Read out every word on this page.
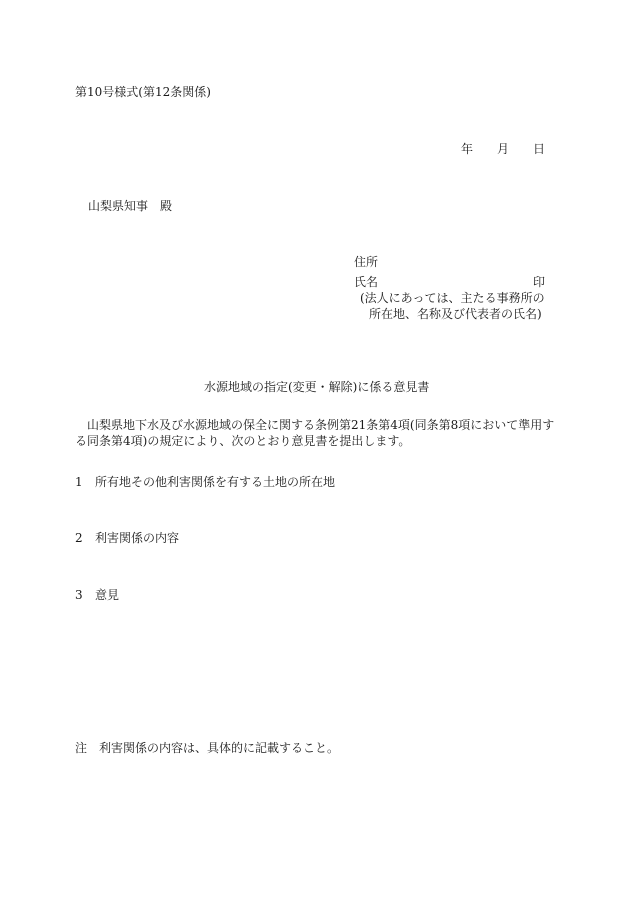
第10号様式(第12条関係)
年 月 日
山梨県知事　殿
住所
氏名	印
(法人にあっては、主たる事務所の
所在地、名称及び代表者の氏名)
水源地域の指定(変更・解除)に係る意見書

山梨県地下水及び水源地域の保全に関する条例第21条第4項(同条第8項において準用する同条第4項)の規定により、次のとおり意見書を提出します。

1 所有地その他利害関係を有する土地の所在地
2 利害関係の内容
3 意見
注 利害関係の内容は、具体的に記載すること。
